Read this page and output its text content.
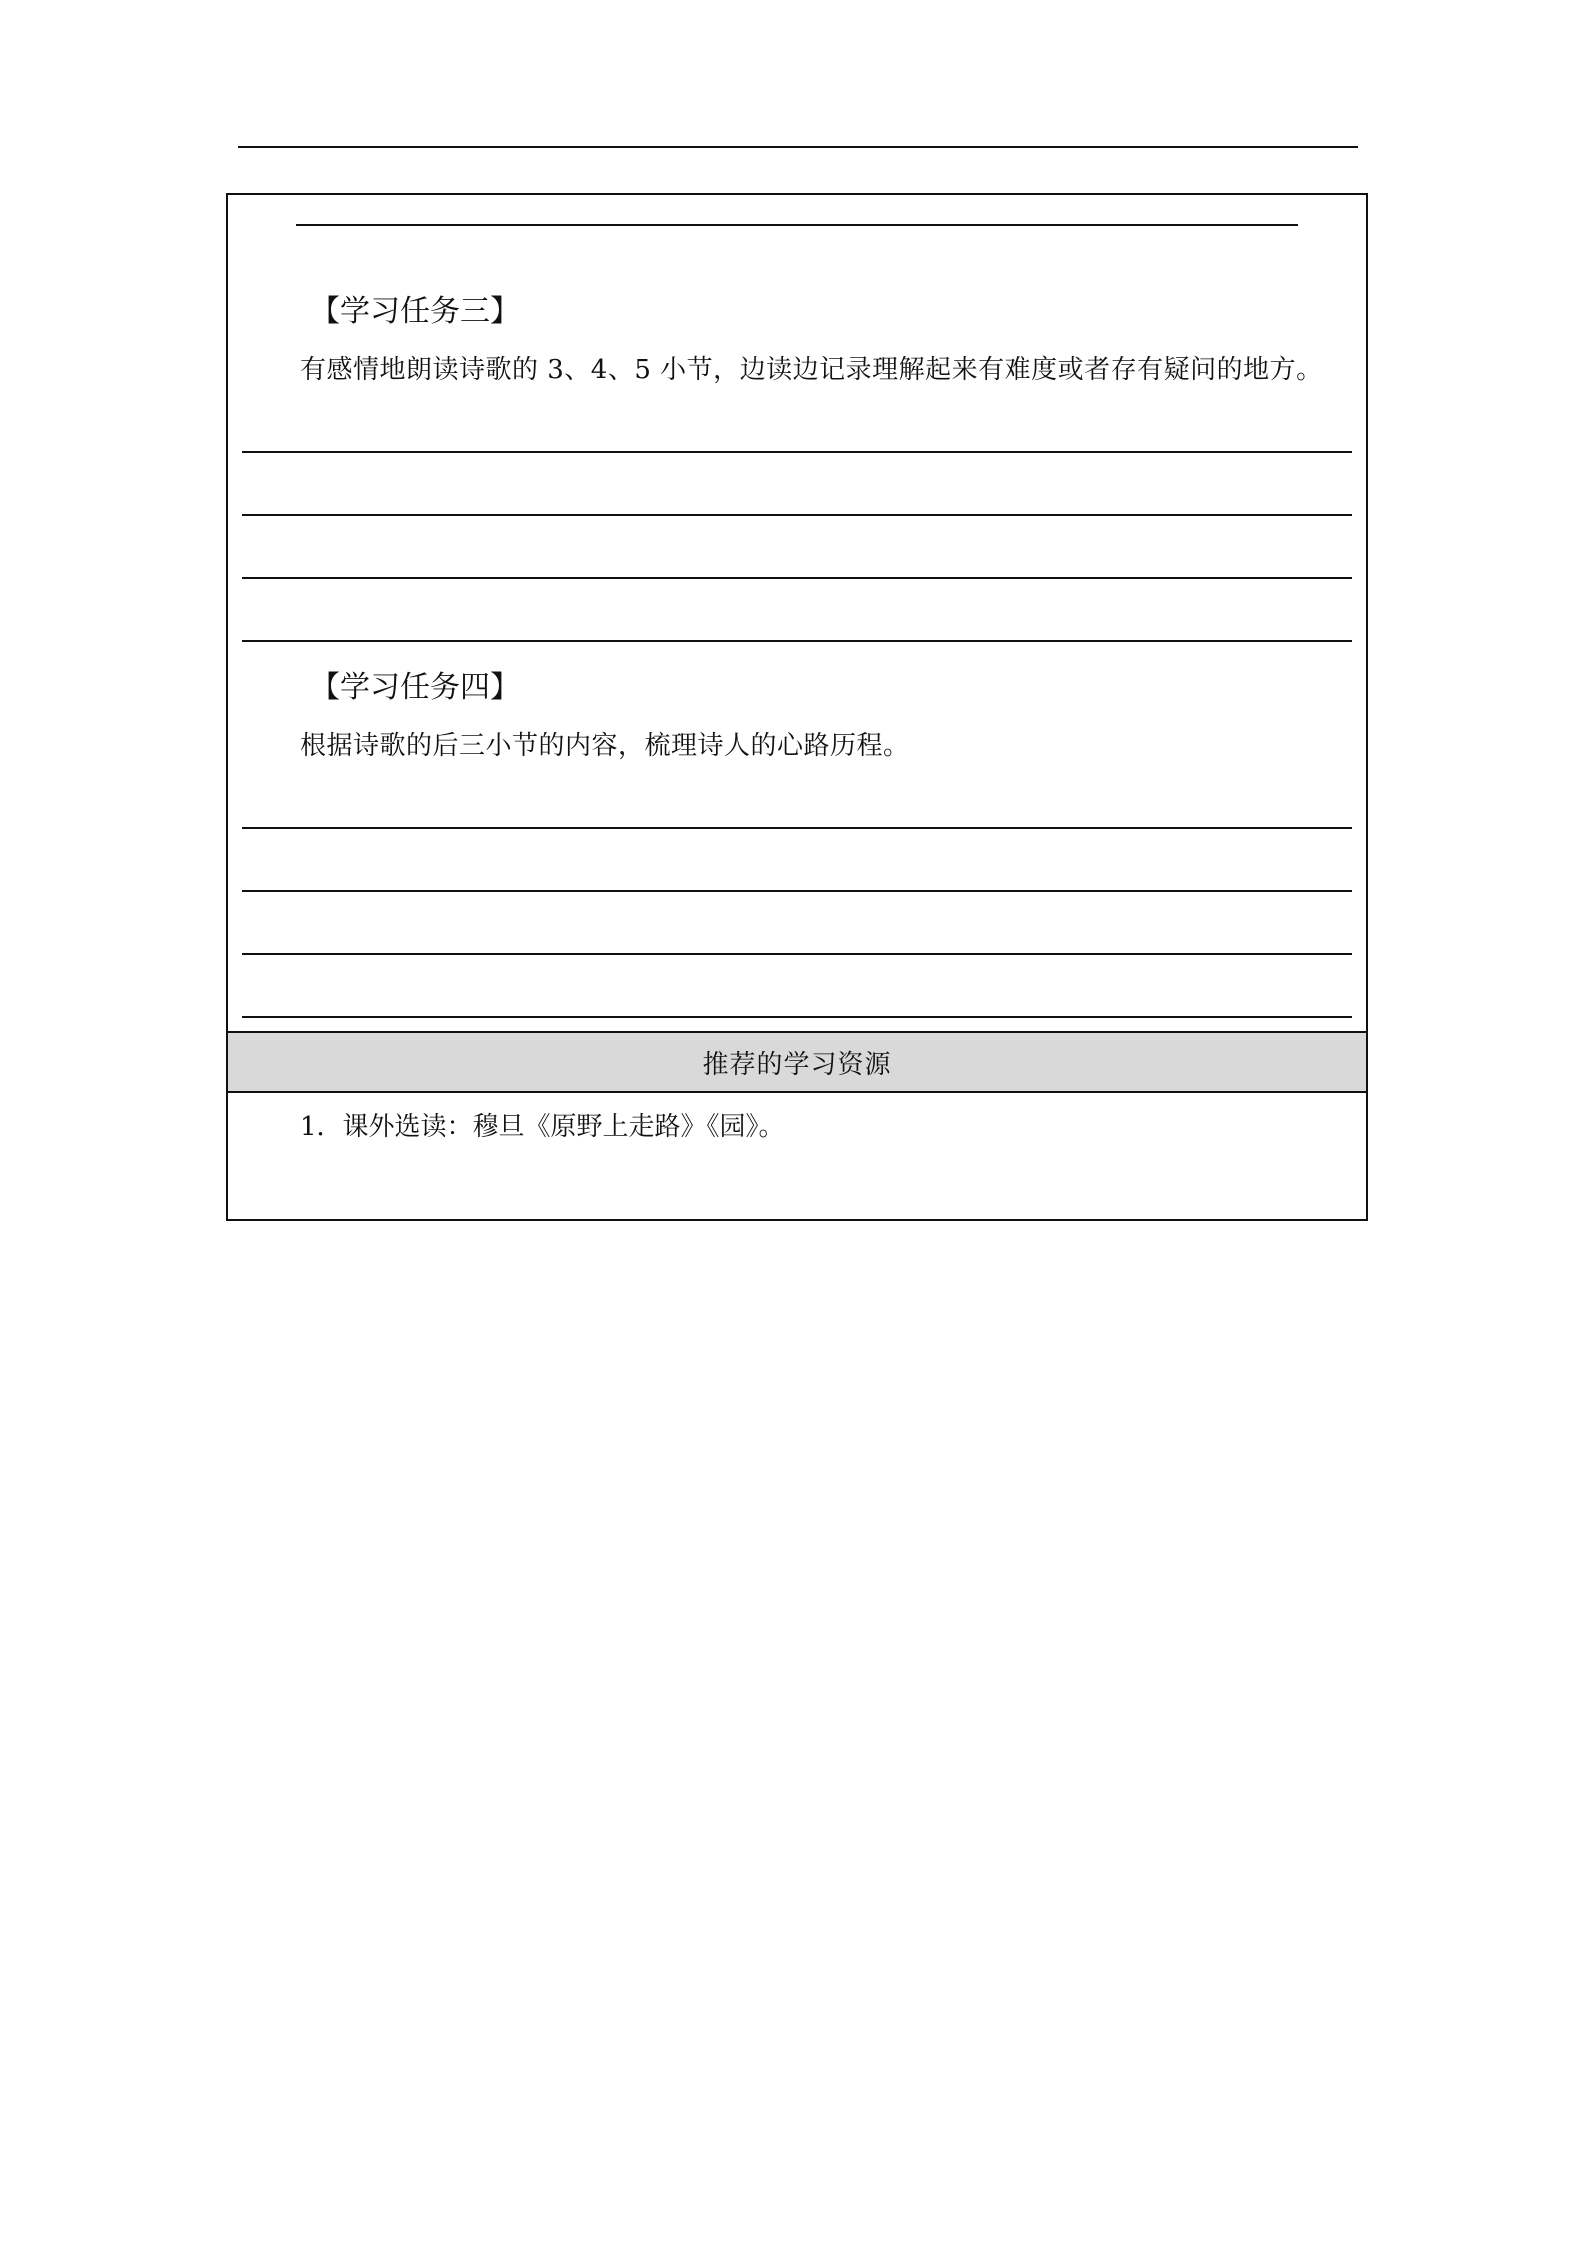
【学习任务三】
有感情地朗读诗歌的 3、4、5 小节，边读边记录理解起来有难度或者存有疑问的地方。
【学习任务四】
根据诗歌的后三小节的内容，梳理诗人的心路历程。
推荐的学习资源
1．课外选读：穆旦《原野上走路》《园》。
